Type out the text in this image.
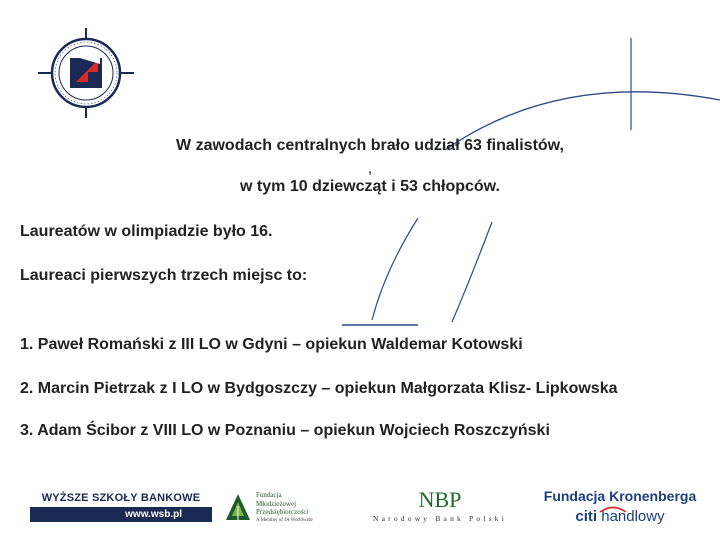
W zawodach centralnych brało udział 63 finalistów,
,
w tym 10 dziewcząt i 53 chłopców.
Laureatów w olimpiadzie było 16.
Laureaci pierwszych trzech miejsc to:
1. Paweł Romański z III LO w Gdyni – opiekun Waldemar Kotowski
2. Marcin Pietrzak z I LO w Bydgoszczy – opiekun Małgorzata Klisz- Lipkowska
3. Adam Ścibor z VIII LO w Poznaniu – opiekun Wojciech Roszczyński
WYŻSZE SZKOŁY BANKOWE
www.wsb.pl
Fundacja
Młodzieżowej
Przedsiębiorczości
A Member of JA Worldwide
NBP
Narodowy Bank Polski
Fundacja Kronenberga
citi handlowy
